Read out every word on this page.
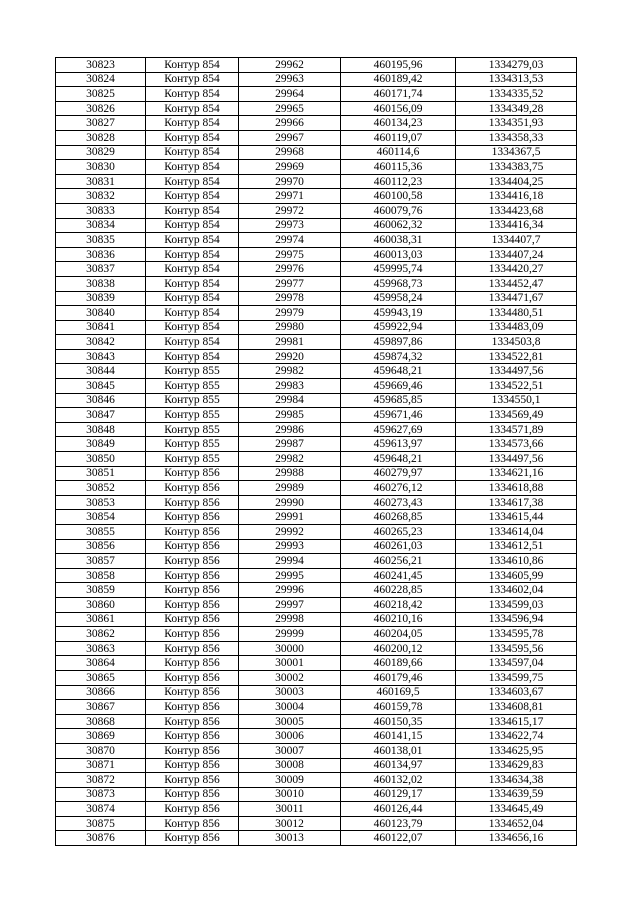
30823	Контур 854	29962	460195,96	1334279,03
30824	Контур 854	29963	460189,42	1334313,53
30825	Контур 854	29964	460171,74	1334335,52
30826	Контур 854	29965	460156,09	1334349,28
30827	Контур 854	29966	460134,23	1334351,93
30828	Контур 854	29967	460119,07	1334358,33
30829	Контур 854	29968	460114,6	1334367,5
30830	Контур 854	29969	460115,36	1334383,75
30831	Контур 854	29970	460112,23	1334404,25
30832	Контур 854	29971	460100,58	1334416,18
30833	Контур 854	29972	460079,76	1334423,68
30834	Контур 854	29973	460062,32	1334416,34
30835	Контур 854	29974	460038,31	1334407,7
30836	Контур 854	29975	460013,03	1334407,24
30837	Контур 854	29976	459995,74	1334420,27
30838	Контур 854	29977	459968,73	1334452,47
30839	Контур 854	29978	459958,24	1334471,67
30840	Контур 854	29979	459943,19	1334480,51
30841	Контур 854	29980	459922,94	1334483,09
30842	Контур 854	29981	459897,86	1334503,8
30843	Контур 854	29920	459874,32	1334522,81
30844	Контур 855	29982	459648,21	1334497,56
30845	Контур 855	29983	459669,46	1334522,51
30846	Контур 855	29984	459685,85	1334550,1
30847	Контур 855	29985	459671,46	1334569,49
30848	Контур 855	29986	459627,69	1334571,89
30849	Контур 855	29987	459613,97	1334573,66
30850	Контур 855	29982	459648,21	1334497,56
30851	Контур 856	29988	460279,97	1334621,16
30852	Контур 856	29989	460276,12	1334618,88
30853	Контур 856	29990	460273,43	1334617,38
30854	Контур 856	29991	460268,85	1334615,44
30855	Контур 856	29992	460265,23	1334614,04
30856	Контур 856	29993	460261,03	1334612,51
30857	Контур 856	29994	460256,21	1334610,86
30858	Контур 856	29995	460241,45	1334605,99
30859	Контур 856	29996	460228,85	1334602,04
30860	Контур 856	29997	460218,42	1334599,03
30861	Контур 856	29998	460210,16	1334596,94
30862	Контур 856	29999	460204,05	1334595,78
30863	Контур 856	30000	460200,12	1334595,56
30864	Контур 856	30001	460189,66	1334597,04
30865	Контур 856	30002	460179,46	1334599,75
30866	Контур 856	30003	460169,5	1334603,67
30867	Контур 856	30004	460159,78	1334608,81
30868	Контур 856	30005	460150,35	1334615,17
30869	Контур 856	30006	460141,15	1334622,74
30870	Контур 856	30007	460138,01	1334625,95
30871	Контур 856	30008	460134,97	1334629,83
30872	Контур 856	30009	460132,02	1334634,38
30873	Контур 856	30010	460129,17	1334639,59
30874	Контур 856	30011	460126,44	1334645,49
30875	Контур 856	30012	460123,79	1334652,04
30876	Контур 856	30013	460122,07	1334656,16
